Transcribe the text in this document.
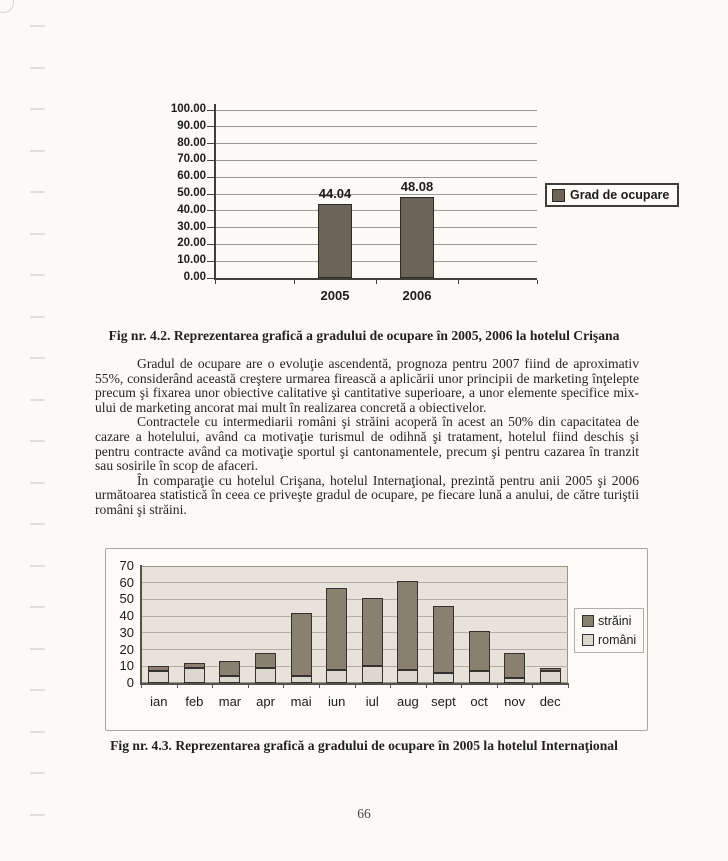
Grad de ocupare
0.00
10.00
20.00
30.00
40.00
50.00
60.00
70.00
80.00
90.00
100.00
44.04
2005
48.08
2006
Fig nr. 4.2. Reprezentarea grafică a gradului de ocupare în 2005, 2006 la hotelul Crişana

Gradul de ocupare are o evoluţie ascendentă, prognoza pentru 2007 fiind de aproximativ 55%, considerând această creştere urmarea firească a aplicării unor principii de marketing înţelepte precum şi fixarea unor obiective calitative şi cantitative superioare, a unor elemente specifice mix-ului de marketing ancorat mai mult în realizarea concretă a obiectivelor.

Contractele cu intermediarii români şi străini acoperă în acest an 50% din capacitatea de cazare a hotelului, având ca motivaţie turismul de odihnă şi tratament, hotelul fiind deschis şi pentru contracte având ca motivaţie sportul şi cantonamentele, precum şi pentru cazarea în tranzit sau sosirile în scop de afaceri.

În comparaţie cu hotelul Crişana, hotelul Internaţional, prezintă pentru anii 2005 şi 2006 următoarea statistică în ceea ce priveşte gradul de ocupare, pe fiecare lună a anului, de către turiştii români şi străini.

străini
români
0
10
20
30
40
50
60
70
ian	feb	mar	apr	mai	iun	iul	aug sept	oct	nov	dec
Fig nr. 4.3. Reprezentarea grafică a gradului de ocupare în 2005 la hotelul Internaţional
66
